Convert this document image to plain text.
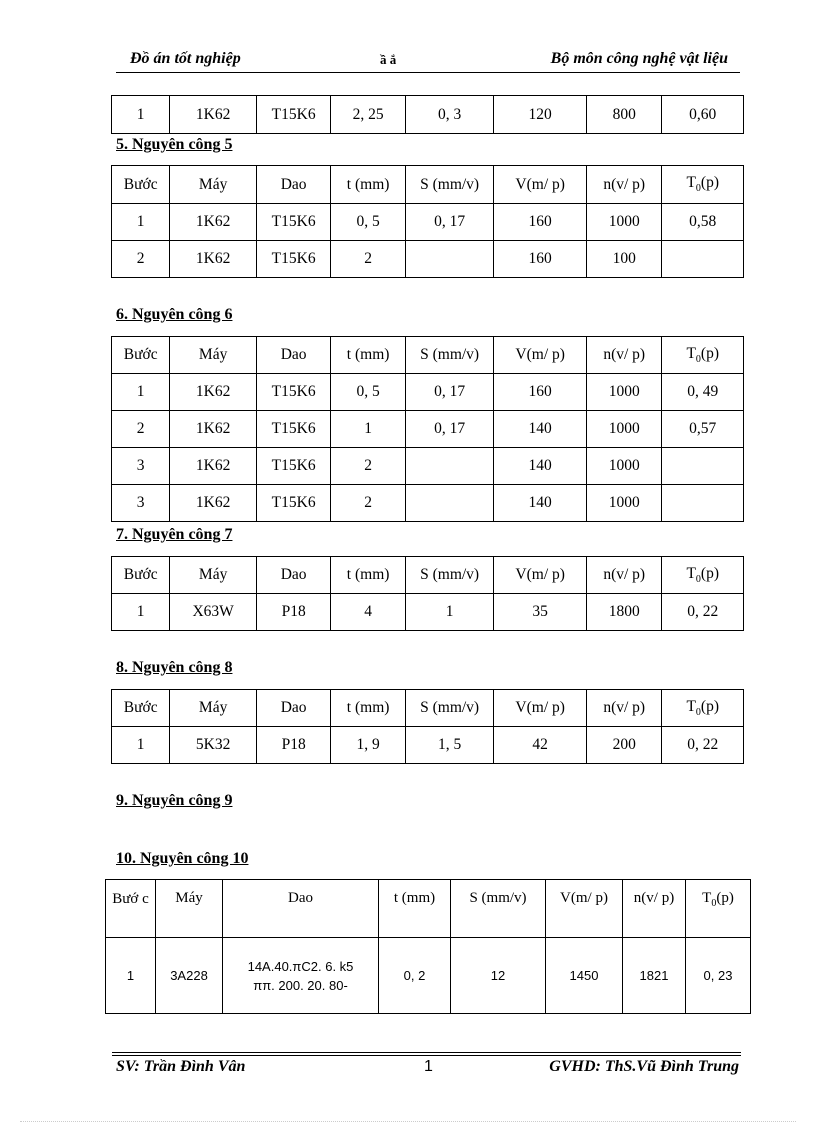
Đồ án tốt nghiệp	ầ ắ	Bộ môn công nghệ vật liệu
1	1K62	T15K6	2, 25	0, 3	120	800	0,60
5. Nguyên công 5
Bước	Máy	Dao	t (mm)	S (mm/v)	V(m/ p)	n(v/ p)	$T_0(p)$
1	1K62	T15K6	0, 5	0, 17	160	1000	0,58
2	1K62	T15K6	2		160	100	
6. Nguyên công 6
Bước	Máy	Dao	t (mm)	S (mm/v)	V(m/ p)	n(v/ p)	$T_0(p)$
1	1K62	T15K6	0, 5	0, 17	160	1000	0, 49
2	1K62	T15K6	1	0, 17	140	1000	0,57
3	1K62	T15K6	2		140	1000	
3	1K62	T15K6	2		140	1000	
7. Nguyên công 7
Bước	Máy	Dao	t (mm)	S (mm/v)	V(m/ p)	n(v/ p)	$T_0(p)$
1	X63W	P18	4	1	35	1800	0, 22
8. Nguyên công 8
Bước	Máy	Dao	t (mm)	S (mm/v)	V(m/ p)	n(v/ p)	$T_0(p)$
1	5K32	P18	1, 9	1, 5	42	200	0, 22
9. Nguyên công 9
10. Nguyên công 10
Bướ c	Máy	Dao	t (mm)	S (mm/v)	V(m/ p)	n(v/ p)	$T_0(p)$
1	3A228	14A.40.πC2. 6. k5 ππ. 200. 20. 80-	0, 2	12	1450	1821	0, 23
SV: Trần Đình Vân	1	GVHD: ThS.Vũ Đình Trung
